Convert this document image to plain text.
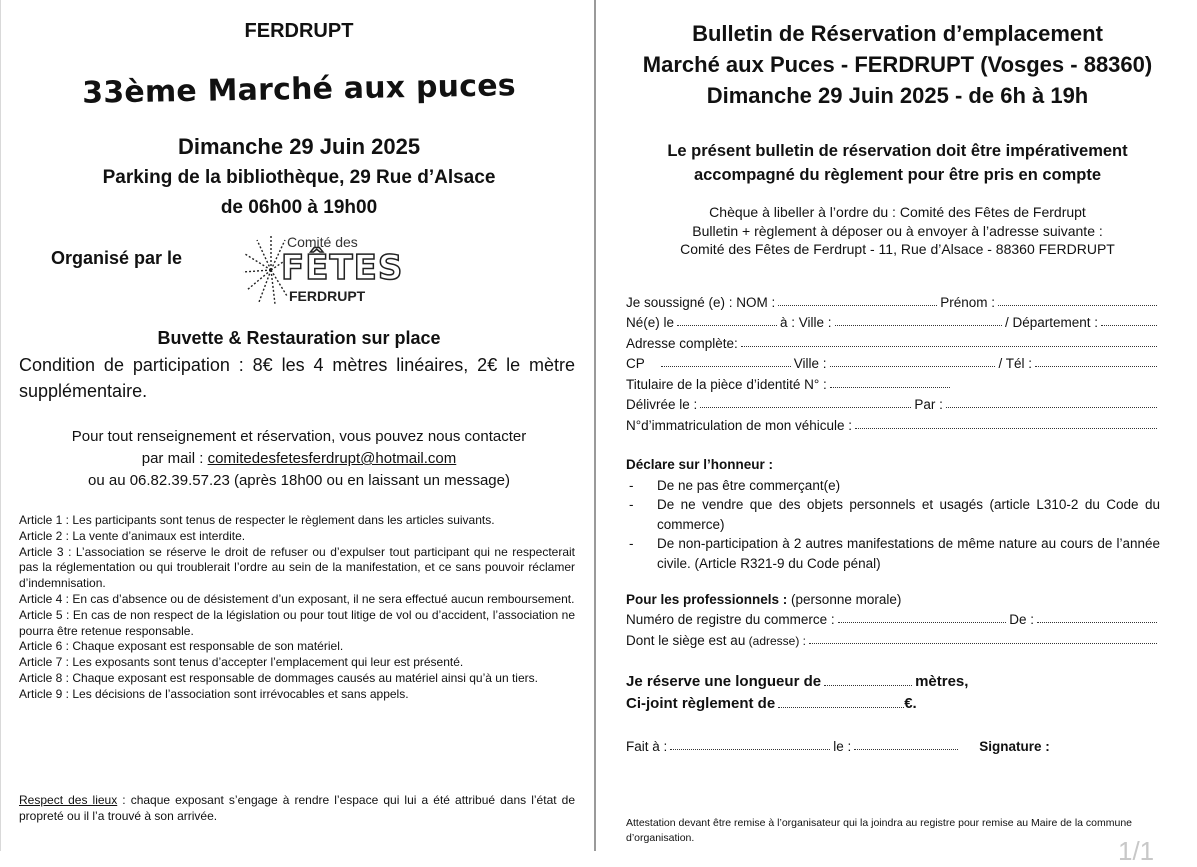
FERDRUPT
33ème Marché aux puces
Dimanche 29 Juin 2025
Parking de la bibliothèque, 29 Rue d’Alsace
de 06h00 à 19h00
Organisé par le
Comité des
FÊTES
FERDRUPT
Buvette & Restauration sur place
Condition de participation : 8€ les 4 mètres linéaires, 2€ le mètre supplémentaire.
Pour tout renseignement et réservation, vous pouvez nous contacter
par mail : comitedesfetesferdrupt@hotmail.com
ou au 06.82.39.57.23 (après 18h00 ou en laissant un message)

Article 1 : Les participants sont tenus de respecter le règlement dans les articles suivants.

Article 2 : La vente d’animaux est interdite.

Article 3 : L’association se réserve le droit de refuser ou d’expulser tout participant qui ne respecterait pas la réglementation ou qui troublerait l’ordre au sein de la manifestation, et ce sans pouvoir réclamer d’indemnisation.

Article 4 : En cas d’absence ou de désistement d’un exposant, il ne sera effectué aucun remboursement.

Article 5 : En cas de non respect de la législation ou pour tout litige de vol ou d’accident, l’association ne pourra être retenue responsable.

Article 6 : Chaque exposant est responsable de son matériel.

Article 7 : Les exposants sont tenus d’accepter l’emplacement qui leur est présenté.

Article 8 : Chaque exposant est responsable de dommages causés au matériel ainsi qu’à un tiers.

Article 9 : Les décisions de l’association sont irrévocables et sans appels.

Respect des lieux : chaque exposant s’engage à rendre l’espace qui lui a été attribué dans l’état de propreté ou il l’a trouvé à son arrivée.
Bulletin de Réservation d’emplacement
Marché aux Puces - FERDRUPT (Vosges - 88360)
Dimanche 29 Juin 2025 - de 6h à 19h
Le présent bulletin de réservation doit être impérativement
accompagné du règlement pour être pris en compte
Chèque à libeller à l’ordre du : Comité des Fêtes de Ferdrupt
Bulletin + règlement à déposer ou à envoyer à l’adresse suivante :
Comité des Fêtes de Ferdrupt - 11, Rue d’Alsace - 88360 FERDRUPT
Je soussigné (e) : NOM :	Prénom :
Né(e) le	à : Ville :	/ Département :
Adresse complète:
CP	Ville :	/ Tél :
Titulaire de la pièce d’identité N° :
Délivrée le :	Par :
N°d’immatriculation de mon véhicule :
Déclare sur l’honneur :
- De ne pas être commerçant(e)
- De ne vendre que des objets personnels et usagés (article L310-2 du Code du commerce)
- De non-participation à 2 autres manifestations de même nature au cours de l’année civile. (Article R321-9 du Code pénal)
Pour les professionnels : (personne morale)
Numéro de registre du commerce :	De :
Dont le siège est au (adresse) :
Je réserve une longueur de	mètres,
Ci-joint règlement de	€.
Fait à :	le :	Signature :
Attestation devant être remise à l’organisateur qui la joindra au registre pour remise au Maire de la commune d’organisation.	1/1
